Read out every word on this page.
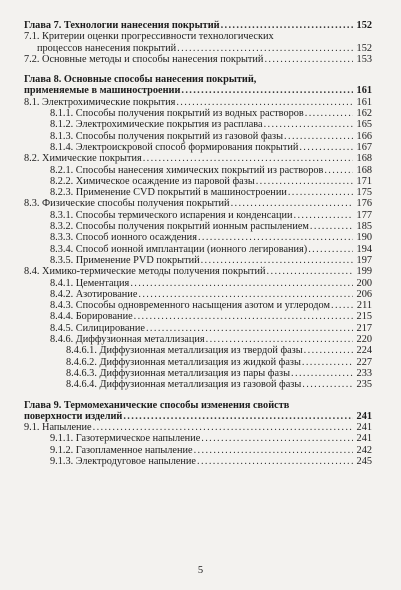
Глава 7. Технологии нанесения покрытий . . .	152
7.1. Критерии оценки прогрессивности технологических
процессов нанесения покрытий . . .	152
7.2. Основные методы и способы нанесения покрытий . . .	153
Глава 8. Основные способы нанесения покрытий,
применяемые в машиностроении . . .	161
8.1. Электрохимические покрытия . . .	161
8.1.1. Способы получения покрытий из водных растворов . . .	162
8.1.2. Электрохимические покрытия из расплава . . .	165
8.1.3. Способы получения покрытий из газовой фазы . . .	166
8.1.4. Электроискровой способ формирования покрытий . . .	167
8.2. Химические покрытия . . .	168
8.2.1. Способы нанесения химических покрытий из растворов . . .	168
8.2.2. Химическое осаждение из паровой фазы . . .	171
8.2.3. Применение CVD покрытий в машиностроении . . .	175
8.3. Физические способы получения покрытий . . .	176
8.3.1. Способы термического испарения и конденсации . . .	177
8.3.2. Способы получения покрытий ионным распылением . . .	185
8.3.3. Способ ионного осаждения . . .	190
8.3.4. Способ ионной имплантации (ионного легирования) . . .	194
8.3.5. Применение PVD покрытий . . .	197
8.4. Химико-термические методы получения покрытий . . .	199
8.4.1. Цементация . . .	200
8.4.2. Азотирование . . .	206
8.4.3. Способы одновременного насыщения азотом и углеродом . . .	211
8.4.4. Борирование . . .	215
8.4.5. Силицирование . . .	217
8.4.6. Диффузионная металлизация . . .	220
8.4.6.1. Диффузионная металлизация из твердой фазы . . .	224
8.4.6.2. Диффузионная металлизация из жидкой фазы . . .	227
8.4.6.3. Диффузионная металлизация из пары фазы . . .	233
8.4.6.4. Диффузионная металлизация из газовой фазы . . .	235
Глава 9. Термомеханические способы изменения свойств
поверхности изделий . . .	241
9.1. Напыление . . .	241
9.1.1. Газотермическое напыление . . .	241
9.1.2. Газопламенное напыление . . .	242
9.1.3. Электродуговое напыление . . .	245
5
